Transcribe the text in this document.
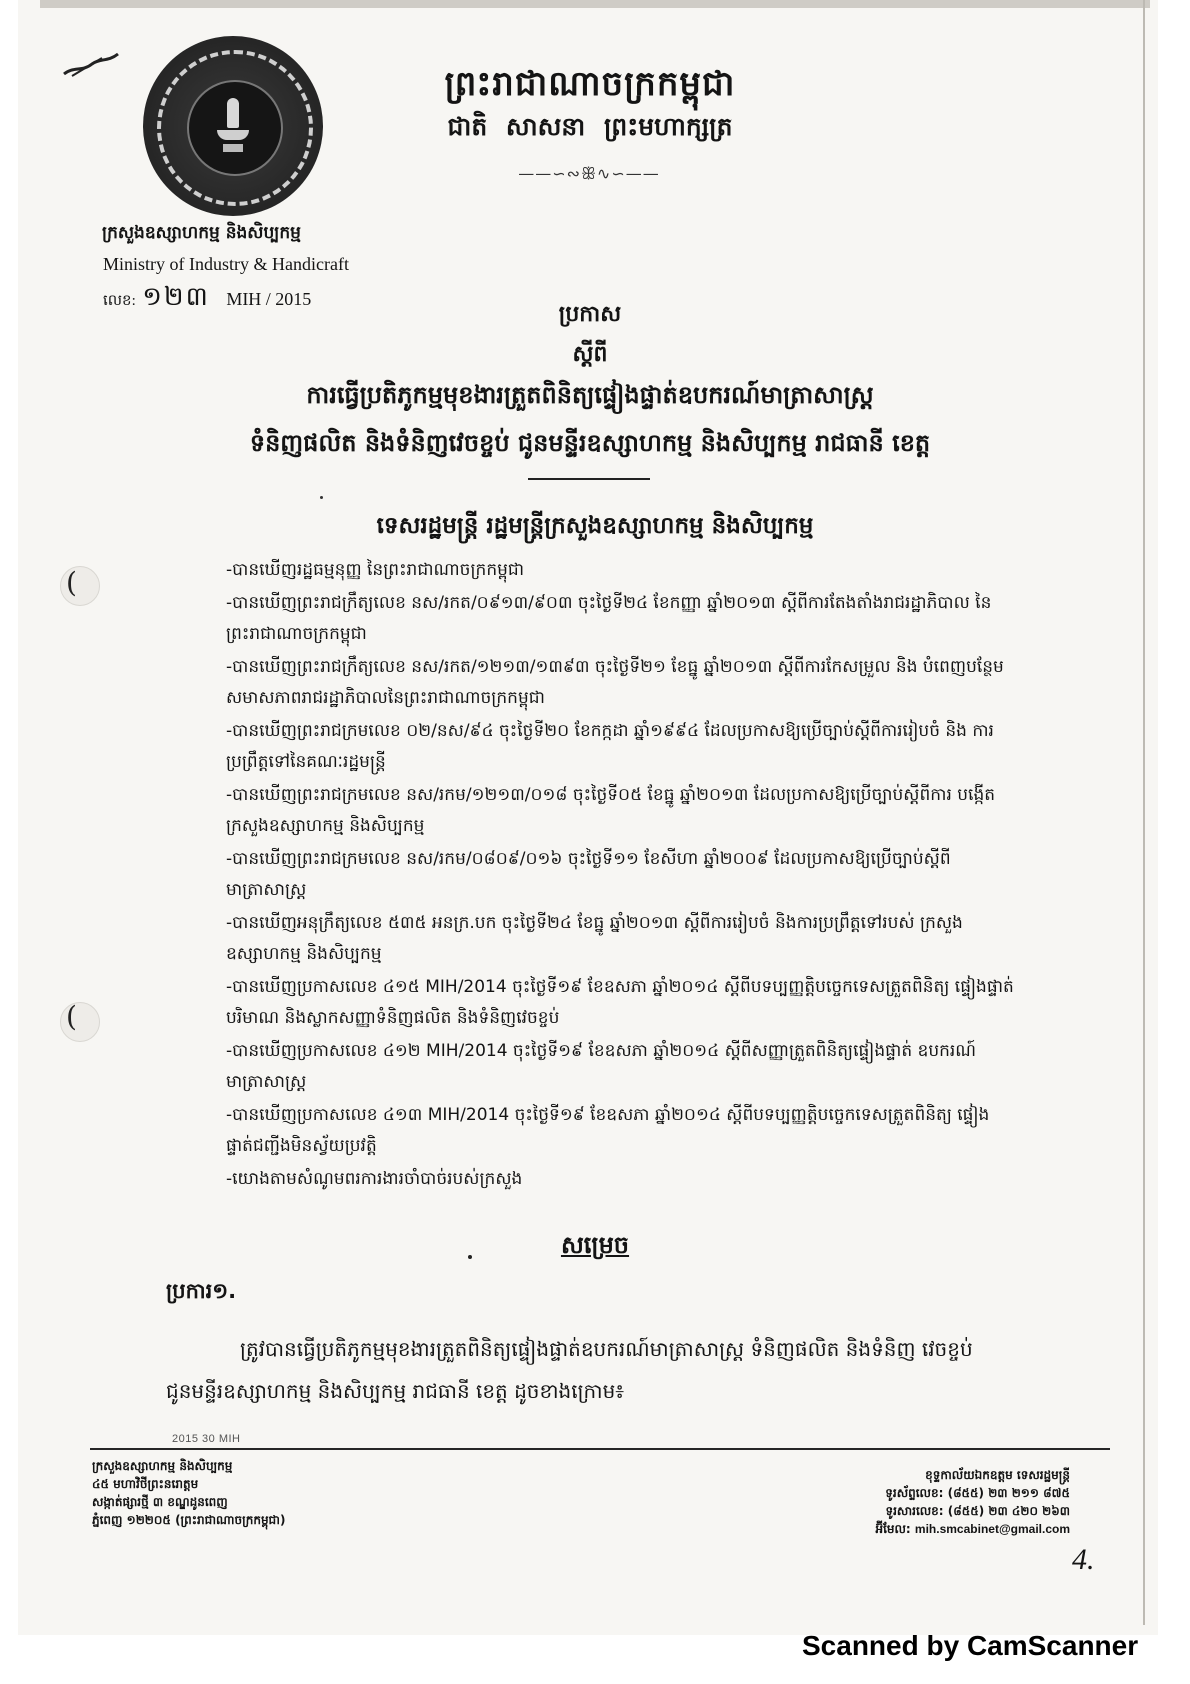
ព្រះរាជាណាចក្រកម្ពុជា
ជាតិ សាសនា ព្រះមហាក្សត្រ
——∽∾ꕥ∿∽——
ក្រសួងឧស្សាហកម្ម និងសិប្បកម្ម
Ministry of Industry & Handicraft
លេខ: ១២៣ MIH / 2015
ប្រកាស
ស្តីពី
ការធ្វើប្រតិភូកម្មមុខងារត្រួតពិនិត្យផ្ទៀងផ្ទាត់ឧបករណ៍មាត្រាសាស្ត្រ
ទំនិញផលិត និងទំនិញវេចខ្ចប់ ជូនមន្ទីរឧស្សាហកម្ម និងសិប្បកម្ម រាជធានី ខេត្ត
ទេសរដ្ឋមន្ត្រី រដ្ឋមន្ត្រីក្រសួងឧស្សាហកម្ម និងសិប្បកម្ម
(
(
-បានឃើញរដ្ឋធម្មនុញ្ញ នៃព្រះរាជាណាចក្រកម្ពុជា
-បានឃើញព្រះរាជក្រឹត្យលេខ នស/រកត/០៩១៣/៩០៣ ចុះថ្ងៃទី២៤ ខែកញ្ញា ឆ្នាំ២០១៣ ស្តីពីការតែងតាំងរាជរដ្ឋាភិបាល នៃព្រះរាជាណាចក្រកម្ពុជា
-បានឃើញព្រះរាជក្រឹត្យលេខ នស/រកត/១២១៣/១៣៩៣ ចុះថ្ងៃទី២១ ខែធ្នូ ឆ្នាំ២០១៣ ស្តីពីការកែសម្រួល និង បំពេញបន្ថែមសមាសភាពរាជរដ្ឋាភិបាលនៃព្រះរាជាណាចក្រកម្ពុជា
-បានឃើញព្រះរាជក្រមលេខ ០២/នស/៩៤ ចុះថ្ងៃទី២០ ខែកក្កដា ឆ្នាំ១៩៩៤ ដែលប្រកាសឱ្យប្រើច្បាប់ស្តីពីការរៀបចំ និង ការប្រព្រឹត្តទៅនៃគណៈរដ្ឋមន្ត្រី
-បានឃើញព្រះរាជក្រមលេខ នស/រកម/១២១៣/០១៨ ចុះថ្ងៃទី០៥ ខែធ្នូ ឆ្នាំ២០១៣ ដែលប្រកាសឱ្យប្រើច្បាប់ស្តីពីការ បង្កើតក្រសួងឧស្សាហកម្ម និងសិប្បកម្ម
-បានឃើញព្រះរាជក្រមលេខ នស/រកម/០៨០៩/០១៦ ចុះថ្ងៃទី១១ ខែសីហា ឆ្នាំ២០០៩ ដែលប្រកាសឱ្យប្រើច្បាប់ស្តីពី មាត្រាសាស្ត្រ
-បានឃើញអនុក្រឹត្យលេខ ៥៣៥ អនក្រ.បក ចុះថ្ងៃទី២៤ ខែធ្នូ ឆ្នាំ២០១៣ ស្តីពីការរៀបចំ និងការប្រព្រឹត្តទៅរបស់ ក្រសួងឧស្សាហកម្ម និងសិប្បកម្ម
-បានឃើញប្រកាសលេខ ៤១៥ MIH/2014 ចុះថ្ងៃទី១៩ ខែឧសភា ឆ្នាំ២០១៤ ស្តីពីបទប្បញ្ញត្តិបច្ចេកទេសត្រួតពិនិត្យ ផ្ទៀងផ្ទាត់បរិមាណ និងស្លាកសញ្ញាទំនិញផលិត និងទំនិញវេចខ្ចប់
-បានឃើញប្រកាសលេខ ៤១២ MIH/2014 ចុះថ្ងៃទី១៩ ខែឧសភា ឆ្នាំ២០១៤ ស្តីពីសញ្ញាត្រួតពិនិត្យផ្ទៀងផ្ទាត់ ឧបករណ៍មាត្រាសាស្ត្រ
-បានឃើញប្រកាសលេខ ៤១៣ MIH/2014 ចុះថ្ងៃទី១៩ ខែឧសភា ឆ្នាំ២០១៤ ស្តីពីបទប្បញ្ញត្តិបច្ចេកទេសត្រួតពិនិត្យ ផ្ទៀងផ្ទាត់ជញ្ជីងមិនស្វ័យប្រវត្តិ
-យោងតាមសំណូមពរការងារចាំបាច់របស់ក្រសួង
សម្រេច
ប្រការ១.

ត្រូវបានធ្វើប្រតិភូកម្មមុខងារត្រួតពិនិត្យផ្ទៀងផ្ទាត់ឧបករណ៍មាត្រាសាស្ត្រ ទំនិញផលិត និងទំនិញ វេចខ្ចប់ ជូនមន្ទីរឧស្សាហកម្ម និងសិប្បកម្ម រាជធានី ខេត្ត ដូចខាងក្រោម៖

2015 30 MIH
ក្រសួងឧស្សាហកម្ម និងសិប្បកម្ម
៤៥ មហាវិថីព្រះនរោត្តម
សង្កាត់ផ្សារថ្មី ៣ ខណ្ឌដូនពេញ
ភ្នំពេញ ១២២០៥ (ព្រះរាជាណាចក្រកម្ពុជា)
ខុទ្ទកាល័យឯកឧត្តម ទេសរដ្ឋមន្ត្រី
ទូរស័ព្ទលេខ: (៨៥៥) ២៣ ២១១ ៨៧៥
ទូរសារលេខ: (៨៥៥) ២៣ ៤២០ ២៦៣
អ៊ីមែល: mih.smcabinet@gmail.com
4.
Scanned by CamScanner
